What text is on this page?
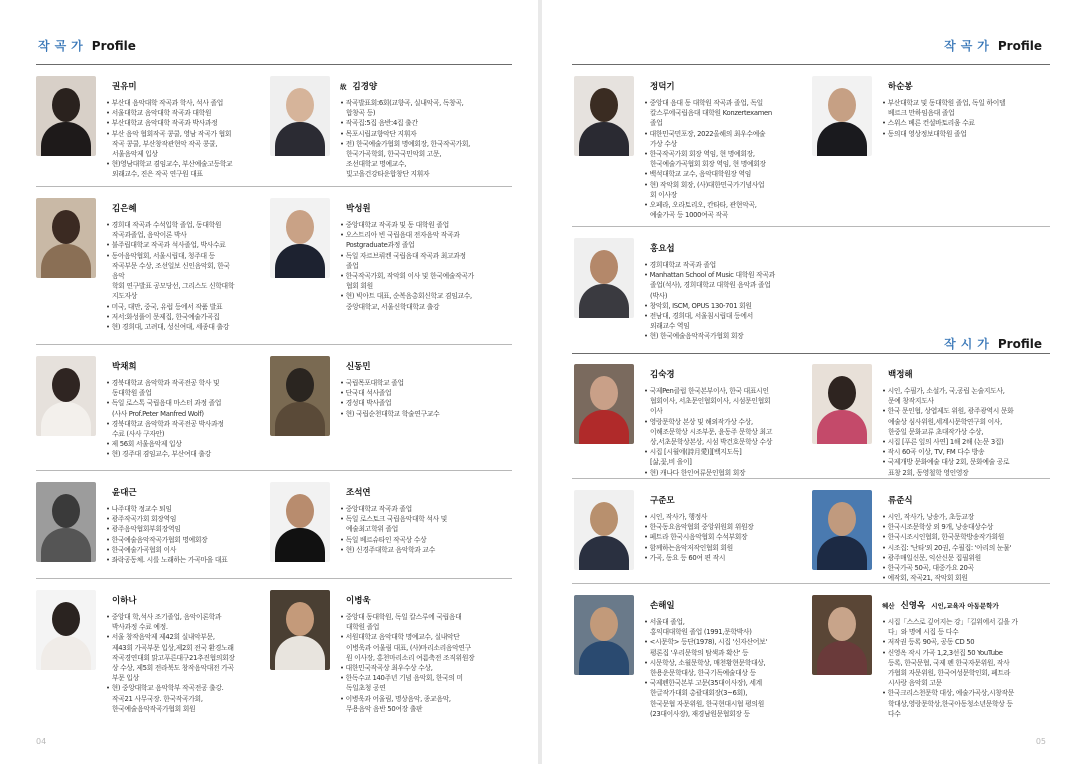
작곡가 Profile
04
권유미
• 부산대 음악대학 작곡과 학사, 석사 졸업
• 서울대학교 음악대학 작곡과 대학원
• 부산대학교 음악대학 작곡과 박사과정
• 부산 음악 협회작곡 콩쿨, 영남 작곡가 협회
작곡 콩쿨, 부산창작관현악 작곡 콩쿨,
서울음악제 입상
• 현)영남대학교 겸임교수, 부산예술고등학교
외래교수, 진은 작곡 연구원 대표
故 김경양
• 작곡발표회:6회(교향곡, 실내악곡, 독창곡,
합창곡 등)
• 작곡집:5집 음반:4집 출간
• 목포시립교향악단 지휘자
• 전) 한국예술가협회 명예회장, 한국작곡가회,
한국가곡학회, 한국국민악회 고문,
조선대학교 명예교수,
빛고을건강타운합창단 지휘자
김은혜
• 경희대 작곡과 수석입학 졸업, 동대학원
작곡과졸업, 음악이론 박사
• 불주립대학교 작곡과 석사졸업, 박사수료
• 동아음악협회, 서울시립대, 청주대 등
작곡부문 수상, 조선일보 신인음악회, 한국
음악
학회 연구발표 공모당선, 그리스도 신학대학
지도자상
• 미국, 대만, 중국, 유럽 등에서 작품 발표
• 저서:화성풀이 문제집, 한국예술가곡집
• 현) 경희대, 고려대, 성신여대, 세종대 출강
박성원
• 중앙대학교 작곡과 및 동 대학원 졸업
• 오스트리아 빈 국립음대 전자음악 작곡과
Postgraduate과정 졸업
• 독일 자르브뤼켄 국립음대 작곡과 최고과정
졸업
• 한국작곡가회, 작악회 이사 및 한국예술작곡가
협회 회원
• 현) 빅아트 대표, 순복음총회신학교 겸임교수,
중앙대학교, 서울신학대학교 출강
박채희
• 경북대학교 음악학과 작곡전공 학사 및
동대학원 졸업
• 독일 로스톡 국립음대 마스터 과정 졸업
(사사 Prof.Peter Manfred Wolf)
• 경북대학교 음악학과 작곡전공 박사과정
수료 (사사 구자안)
• 제 56회 서울음악제 입상
• 현) 경주대 겸임교수, 부산여대 출강
신동민
• 국립목포대학교 졸업
• 단국대 석사졸업
• 경성대 박사졸업
• 현) 국립순천대학교 학술연구교수
윤대근
• 나주대학 정교수 퇴임
• 광주작곡가회 회장역임
• 광주음악협회부회장역임
• 한국예술음악작곡가협회 명예회장
• 한국예술가곡협회 이사
• 좌락공동체. 시를 노래하는 가곡마을 대표
조석연
• 중앙대학교 작곡과 졸업
• 독일 로스토크 국립음악대학 석사 및
예술최고학위 졸업
• 독일 베르슈타인 작곡상 수상
• 현) 신경주대학교 음악학과 교수
이하나
• 중앙대 학,석사 조기졸업, 음악이론학과
박사과정 수료 예정.
• 서울 창작음악제 제42회 실내악부문,
제43회 가곡부문 입상,제2회 전국 환경노래
작곡경연대회 맑고푸른대구21추진협의회장
상 수상, 제5회 전라북도 창작음악대전 가곡
부문 입상
• 현) 중앙대학교 음악학부 작곡전공 출강.
작곡21 사무국장. 한국작곡가회,
한국예술음악작곡가협회 회원
이병욱
• 중앙대 동대학원, 독일 칼스루에 국립음대
대학원 졸업
• 서원대학교 음악대학 명예교수, 실내악단
이병욱과 어울림 대표, (사)마리소리음악연구
원 이사장, 홍천마리소리 여름축전 조직위원장
• 대한민국작곡상 최우수상 수상,
• 한독수교 140주년 기념 음악회, 한국의 미
독일초청 공연
• 이병욱과 어울림, 명상음악, 종교음악,
무용음악 음반 50여장 출판
작곡가 Profile
작시가 Profile
05
정덕기
• 중앙대 음대 동 대학원 작곡과 졸업, 독일
칼스루에국립음대 대학원 Konzertexamen
졸업
• 대한민국민포장, 2022올해의 최우수예술
가상 수상
• 한국작곡가회 회장 역임, 현 명예회장,
한국예술가곡협회 회장 역임, 현 명예회장
• 백석대학교 교수, 음악대학원장 역임
• 현) 작악회 회장, (사)대한민국가기념사업
회 이사장
• 오페라, 오라토리오, 칸타타, 관현악곡,
예술가곡 등 1000여곡 작곡
하순봉
• 부산대학교 및 동대학원 졸업, 독일 하이델
베르크 만하임음대 졸업
• 스위스 베른 컨설바토리움 수료
• 동의대 영상정보대학원 졸업
홍요섭
• 경희대학교 작곡과 졸업
• Manhattan School of Music 대학원 작곡과
졸업(석사), 경희대학교 대학원 음악과 졸업
(박사)
• 창악회, ISCM, OPUS 130-701 회원
• 전남대, 경희대, 서울침시립대 등에서
외래교수 역임
• 현) 한국예술음악작곡가협회 회장
김숙경
• 국제Pen클럽 한국본부이사, 한국 대표시인
협회이사, 서초문인협회이사, 시섬문인협회
이사
• 영랑문학상 본상 및 해외작가상 수상,
이해조문학상 시조부문, 윤동주 문학상 최고
상,서초문학상본상, 시섬 박건호문학상 수상
• 시집 [시월에(詩月愛)][백지도독]
[삶,꽃,비 을이]
• 현) 캐나다 한인여류문인협회 회장
백정해
• 시인, 수필가, 소설가, 국,공립 논술지도사,
문예 창작지도사
• 한국 문인협, 상엽제도 위원, 광주광역시 문화
예술상 심사위원,세계시문학연구회 이사,
한중일 문화교류 초대작가상 수상,
• 시집 [푸른 잎의 사연] 1해 2해 (논문 3집)
• 작시 60곡 이상, TV, FM 다수 방송
• 국제개방 문화예술 대상 2회, 문화예술 공로
표창 2회, 동영철학 영인영장
구준모
• 시인, 작사가, 행정사
• 한국동요음악협회 중앙위원회 위원장
• 페트라 한국시음악협회 수석부회장
• 함께하는음악저작인협회 회원
• 가곡, 동요 등 60여 편 작시
류준식
• 시인, 작사가, 낭송가, 초등교장
• 한국시조문학상 외 9개, 낭송대상수상
• 한국시조시인협회, 한국문학방송작가회원
• 시조집: '난타'외 20권, 수필집: '아리의 눈물'
• 광주매일신문, 익산신문 집필위원
• 한국가곡 50곡, 대중가요 20곡
• 예작회, 작곡21, 작악회 회원
손해일
• 서울대 졸업,
홍익대대학원 졸업 (1991,문학박사)
• <시문학> 등단(1978), 시집 '신자산어보'
평론집 '우리문학의 탐색과 확산' 등
• 시문학상, 소월문학상, 매천황현문학대상,
한용운문학대상, 한국기독예술대상 등
• 국제펜한국본부 고문(35대이사장), 세계
한글작가대회 총괄대회장(3~6회),
한국문협 자문위원, 한국현대시협 평의원
(23대이사장), 재경남원문협회장 등
혜산 신영옥 시인,교육자 아동문학가
• 시집「스스로 깊어지는 강」「길위에서 길을 가
다」와 명예 시집 등 다수
• 저작권 등록 90곡, 공동 CD 50
• 신영옥 작시 가곡 1,2,3선집 50 YouTube
등록, 한국문협, 국제 펜 한국자문위원, 작사
가협회 자문위원, 한국여성문학인회, 페트라
시사랑 음악회 고문
• 한국크리스천문학 대상, 예술가곡상,시창작문
학대상,영랑문학상,한국아동청소년문학상 등
다수
